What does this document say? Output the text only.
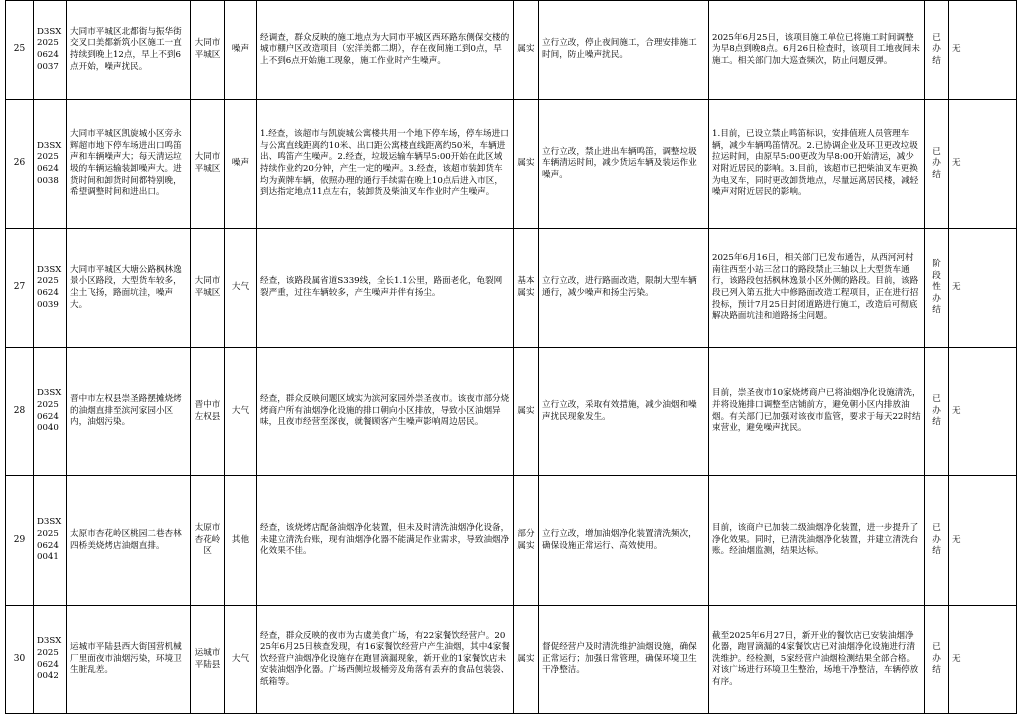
25	D3SX202506240037	大同市平城区北都街与振华街交叉口美都新筑小区施工一直持续到晚上12点，早上不到6点开始，噪声扰民。	大同市平城区	噪声	经调查，群众反映的施工地点为大同市平城区西环路东侧保交楼的城市棚户区改造项目（宏洋美都二期），存在夜间施工到0点，早上不到6点开始施工现象，施工作业时产生噪声。	属实	立行立改，停止夜间施工，合理安排施工时间，防止噪声扰民。	2025年6月25日，该项目施工单位已将施工时间调整为早8点到晚8点。6月26日检查时，该项目工地夜间未施工。相关部门加大巡查频次，防止问题反弹。	已办结	无
26	D3SX202506240038	大同市平城区凯旋城小区旁永辉超市地下停车场进出口鸣笛声和车辆噪声大；每天清运垃圾的车辆运输装卸噪声大。进货时间和卸货时间都特别晚，希望调整时间和进出口。	大同市平城区	噪声	1.经查，该超市与凯旋城公寓楼共用一个地下停车场，停车场进口与公寓直线距离约10米、出口距公寓楼直线距离约50米，车辆进出、鸣笛产生噪声。2.经查，垃圾运输车辆早5:00开始在此区域持续作业约20分钟，产生一定的噪声。3.经查，该超市装卸货车均为黄牌车辆，依照办理的通行手续需在晚上10点后进入市区，到达指定地点11点左右，装卸货及柴油叉车作业时产生噪声。	属实	立行立改，禁止进出车辆鸣笛，调整垃圾车辆清运时间，减少货运车辆及装运作业噪声。	1.目前，已设立禁止鸣笛标识，安排值班人员管理车辆，减少车辆鸣笛情况。2.已协调企业及环卫更改垃圾拉运时间，由原早5:00更改为早8:00开始清运，减少对附近居民的影响。3.目前，该超市已把柴油叉车更换为电叉车，同时更改卸货地点，尽量远离居民楼，减轻噪声对附近居民的影响。	已办结	无
27	D3SX202506240039	大同市平城区大塘公路枫林逸景小区路段，大型货车较多，尘土飞扬，路面坑洼，噪声大。	大同市平城区	大气	经查，该路段属省道S339线，全长1.1公里，路面老化，龟裂网裂严重，过往车辆较多，产生噪声并伴有扬尘。	基本属实	立行立改，进行路面改造，限制大型车辆通行，减少噪声和扬尘污染。	2025年6月16日，相关部门已发布通告，从西河河村南往西至小站三岔口的路段禁止三轴以上大型货车通行，该路段包括枫林逸景小区外侧的路段。目前，该路段已列入第五批大中修路面改造工程项目，正在进行招投标，预计7月25日封闭道路进行施工，改造后可彻底解决路面坑洼和道路扬尘问题。	阶段性办结	无
28	D3SX202506240040	晋中市左权县崇圣路摆摊烧烤的油烟直排至滨河家园小区内，油烟污染。	晋中市左权县	大气	经查，群众反映问题区域实为滨河家园外崇圣夜市。该夜市部分烧烤商户所有油烟净化设施的排口朝向小区排放，导致小区油烟异味，且夜市经营至深夜，就餐顾客产生噪声影响周边居民。	属实	立行立改，采取有效措施，减少油烟和噪声扰民现象发生。	目前，崇圣夜市10家烧烤商户已将油烟净化设施清洗，并将设施排口调整至店铺前方，避免朝小区内排放油烟。有关部门已加强对该夜市监管，要求于每天22时结束营业，避免噪声扰民。	已办结	无
29	D3SX202506240041	太原市杏花岭区桃园二巷杏林四桥美烧烤店油烟直排。	太原市杏花岭区	其他	经查，该烧烤店配备油烟净化装置，但未及时清洗油烟净化设备，未建立清洗台账，现有油烟净化器不能满足作业需求，导致油烟净化效果不佳。	部分属实	立行立改，增加油烟净化装置清洗频次，确保设施正常运行、高效使用。	目前，该商户已加装二级油烟净化装置，进一步提升了净化效果。同时，已清洗油烟净化装置，并建立清洗台账。经油烟监测，结果达标。	已办结	无
30	D3SX202506240042	运城市平陆县西大街国营机械厂里面夜市油烟污染，环境卫生脏乱差。	运城市平陆县	大气	经查，群众反映的夜市为古虞美食广场，有22家餐饮经营户。2025年6月25日核查发现，有16家餐饮经营户产生油烟，其中4家餐饮经营户油烟净化设施存在跑冒滴漏现象，新开业的1家餐饮店未安装油烟净化器。广场西侧垃圾桶旁及角落有丢弃的食品包装袋、纸箱等。	属实	督促经营户及时清洗维护油烟设施，确保正常运行；加强日常管理，确保环境卫生干净整洁。	截至2025年6月27日，新开业的餐饮店已安装油烟净化器，跑冒滴漏的4家餐饮店已对油烟净化设施进行清洗维护。经检测，5家经营户油烟检测结果全部合格。对该广场进行环境卫生整治，场地干净整洁，车辆停放有序。	已办结	无
